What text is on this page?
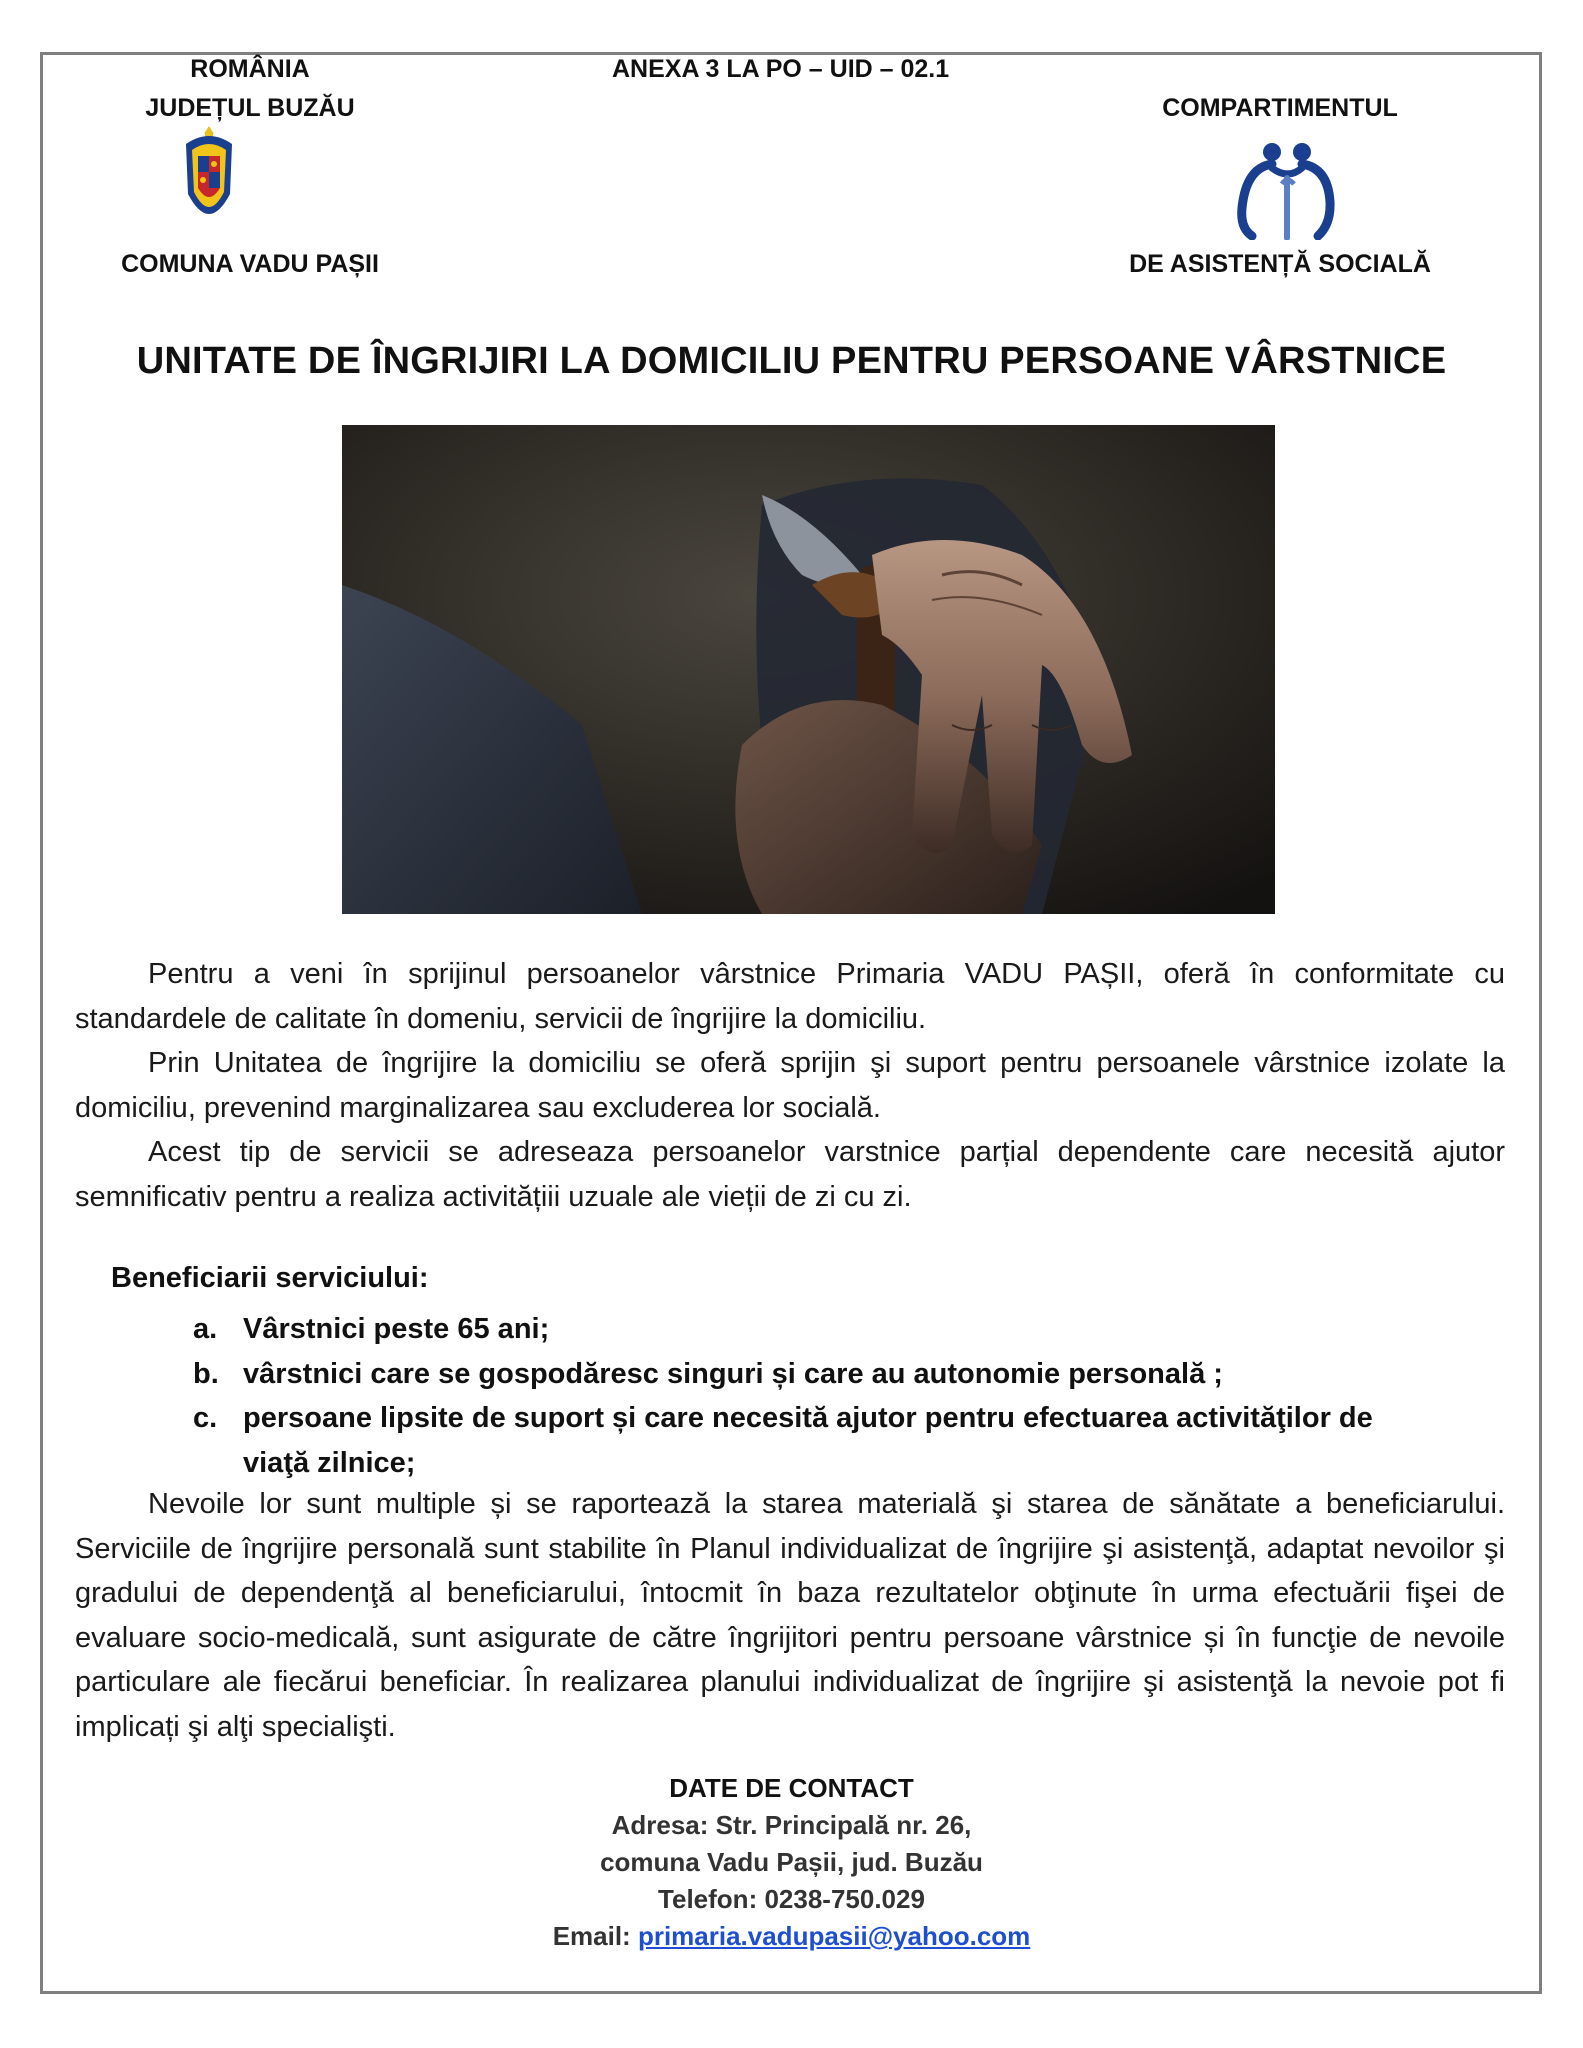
ROMÂNIA
JUDEȚUL BUZĂU
COMUNA VADU PAȘII
ANEXA 3 LA PO – UID – 02.1
COMPARTIMENTUL
DE ASISTENȚĂ SOCIALĂ
UNITATE DE ÎNGRIJIRI LA DOMICILIU PENTRU PERSOANE VÂRSTNICE

Pentru a veni în sprijinul persoanelor vârstnice Primaria VADU PAȘII, oferă în conformitate cu standardele de calitate în domeniu, servicii de îngrijire la domiciliu.

Prin Unitatea de îngrijire la domiciliu se oferă sprijin şi suport pentru persoanele vârstnice izolate la domiciliu, prevenind marginalizarea sau excluderea lor socială.

Acest tip de servicii se adreseaza persoanelor varstnice parțial dependente care necesită ajutor semnificativ pentru a realiza activitățiii uzuale ale vieții de zi cu zi.

Beneficiarii serviciului:
a. Vârstnici peste 65 ani;
b. vârstnici care se gospodăresc singuri și care au autonomie personală ;
c. persoane lipsite de suport și care necesită ajutor pentru efectuarea activităţilor de viaţă zilnice;

Nevoile lor sunt multiple și se raportează la starea materială şi starea de sănătate a beneficiarului. Serviciile de îngrijire personală sunt stabilite în Planul individualizat de îngrijire şi asistenţă, adaptat nevoilor şi gradului de dependenţă al beneficiarului, întocmit în baza rezultatelor obţinute în urma efectuării fişei de evaluare socio-medicală, sunt asigurate de către îngrijitori pentru persoane vârstnice și în funcţie de nevoile particulare ale fiecărui beneficiar. În realizarea planului individualizat de îngrijire şi asistenţă la nevoie pot fi implicați şi alţi specialişti.

DATE DE CONTACT
Adresa: Str. Principală nr. 26,
comuna Vadu Pașii, jud. Buzău
Telefon: 0238-750.029
Email: primaria.vadupasii@yahoo.com
